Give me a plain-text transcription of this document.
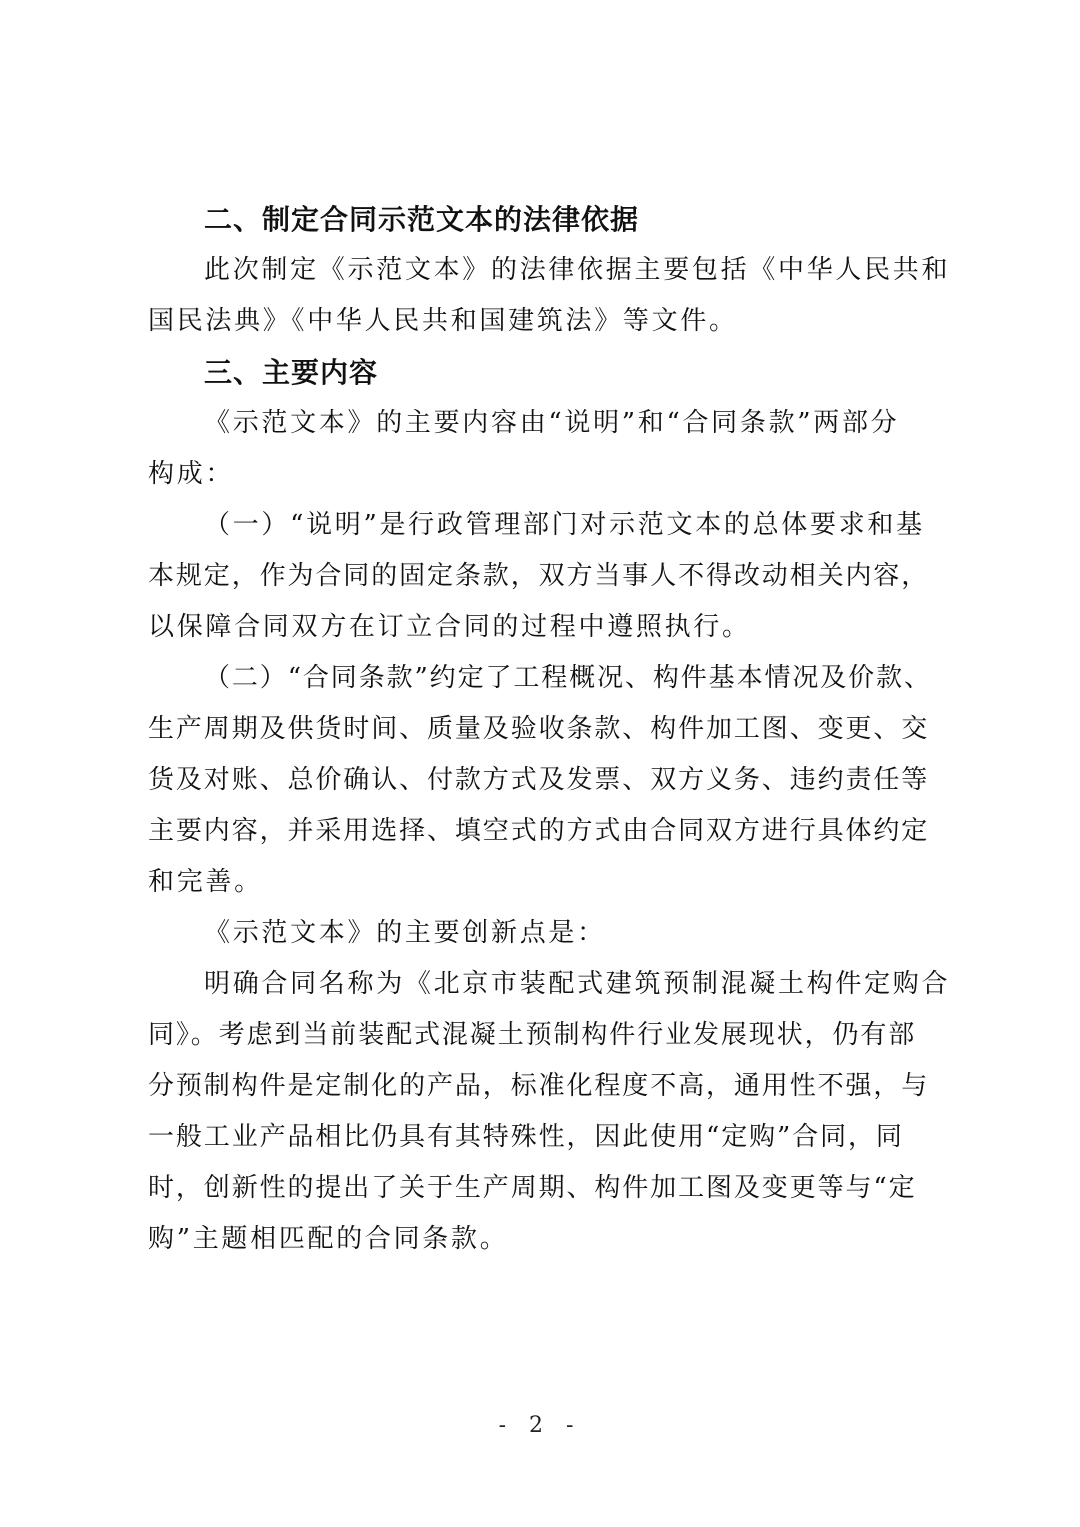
二、制定合同示范文本的法律依据

此次制定《示范文本》的法律依据主要包括《中华人民共和
国民法典》《中华人民共和国建筑法》等文件。

三、主要内容

《示范文本》的主要内容由“说明”和“合同条款”两部分
构成：

（一）“说明”是行政管理部门对示范文本的总体要求和基
本规定，作为合同的固定条款，双方当事人不得改动相关内容，
以保障合同双方在订立合同的过程中遵照执行。

（二）“合同条款”约定了工程概况、构件基本情况及价款、
生产周期及供货时间、质量及验收条款、构件加工图、变更、交
货及对账、总价确认、付款方式及发票、双方义务、违约责任等
主要内容，并采用选择、填空式的方式由合同双方进行具体约定
和完善。

《示范文本》的主要创新点是：

明确合同名称为《北京市装配式建筑预制混凝土构件定购合
同》。考虑到当前装配式混凝土预制构件行业发展现状，仍有部
分预制构件是定制化的产品，标准化程度不高，通用性不强，与
一般工业产品相比仍具有其特殊性，因此使用“定购”合同，同
时，创新性的提出了关于生产周期、构件加工图及变更等与“定
购”主题相匹配的合同条款。

- 2 -
